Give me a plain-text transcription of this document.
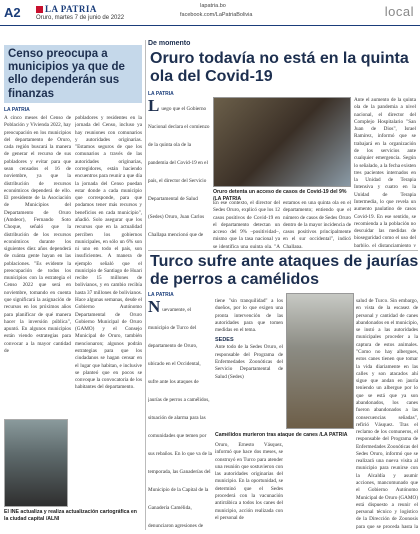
A2	LA PATRIA
Oruro, martes 7 de junio de 2022
lapatria.bo
facebook.com/LaPatriaBolivia	local
Censo preocupa a municipios ya que de ello dependerán sus finanzas
LA PATRIA

A cinco meses del Censo de Población y Vivienda 2022, hay preocupación en los municipios del departamento de Oruro, cada región buscará la manera de generar el recurso de sus pobladores y evitar para que sean censados el 16 de noviembre, ya que la distribución de recursos económicos dependerá de ello. El presidente de la Asociación de Municipios del Departamento de Oruro (Amdeor), Fernando Soto Choque, señaló que la distribución de los recursos económicos durante los siguientes diez años dependerá de cuánta gente hayan en las poblaciones. "Es evidente la preocupación de todos los municipios con la estrategia el Censo 2022 que será en noviembre, tomando en cuenta que significará la asignación de recursos en los próximos años para planificar de qué manera hacer la inversión pública", apuntó. En algunos municipios están viendo estrategias para convocar a la mayor cantidad de

pobladores y residentes en la jornada del Censo, incluso ya hay reuniones con comunarios y autoridades originarias. "Estamos seguros de que los comunarios a través de las autoridades originarias, corregidores, están haciendo encuentros para reunir a que día la jornada del Censo puedan estar donde a cada municipio que corresponde, para que podamos tener más recursos y beneficios en cada municipio", añadió. Solo asegurar que los recursos que en la actualidad perciben los gobiernos municipales, en sólo un 6% son ni uno en todo el país, son insuficientes. A manera de ejemplo señaló que el municipio de Santiago de Huari recibe 15 millones de bolivianos, y en cambio recibía hasta 37 millones de bolivianos. Hace algunas semanas, desde el Gobierno Autónomo Departamental de Oruro Gobierno Municipal de Oruro (GAMO) y el Consejo Municipal de Oruro, también mencionaron; algunos podrán estrategias para que los ciudadanos se hagan censar en el lugar que habitan, e inclusive se planteó que en pocos se convoque la convocatoria de los habitantes del departamento.

El INE actualiza y realiza actualización cartográfica en la ciudad capital /ALNI
De momento
Oruro todavía no está en la quinta ola del Covid-19
LA PATRIA
Luego que el Gobierno Nacional declara el comienzo de la quinta ola de la pandemia del Covid-19 en el país, el director del Servicio Departamental de Salud (Sedes) Oruro, Juan Carlos Challapa mencionó que de

Oruro detenta un acceso de casos de Covid-19 del 9% /LA PATRIA

En ese contexto, el director del Sedes Oruro, explicó que los 12 casos positivos de Covid-19 en el departamento detectan un acceso del 9% –positividad–, mismo que la tasa nacional ya se identifica una quinta ola. "A

estamos en una quinta ola en el departamento; entiendo que el número de casos de Sedes Oruro dentro de la mayor incidencia de casos positivos principalmente en el sur occidental", indicó Challapa.

Ante el aumento de la quinta ola de la pandemia a nivel nacional, el director del Complejo Hospitalario "San Juan de Dios", Israel Ramírez, informó que se trabajará en la organización de los servicios ante cualquier emergencia. Según lo señalado, a la fecha existen tres pacientes internados en la Unidad de Terapia Intensiva y cuatro en la Unidad de Terapia Intermedia, lo que revela un aumento paulatino de casos Covid-19. En ese sentido, se recomienda a la población no descuidar las medidas de bioseguridad como el uso del barbijo, el distanciamiento y

Turco sufre ante ataques de jaurías de perros a camélidos
LA PATRIA
Nuevamente, el municipio de Turco del departamento de Oruro, ubicado en el Occidental, sufre ante los ataques de jaurías de perros a camélidos, situación de alarma para las comunidades que temen por sus rebaños. En lo que va de la temporada, las Ganaderías del Municipio de la Capital de la Ganadería Camélida, denunciaron agresiones de

tiene "sin tranquilidad" a los dueños, por lo que exigen una pronta intervención de las autoridades para que tomen medidas en el tema.

SEDES

Ante todo de la Sedes Oruro, el responsable del Programa de Enfermedades Zoonóticas del Servicio Departamental de Salud (Sedes)

Camélidos murieron tras ataque de canes /LA PATRIA

Oruro, Ernesto Vásquez, informó que hace dos meses, se construyó en Turco para atender una reunión que sostuvieron con las autoridades originarias del municipio. En la oportunidad, se determinó que el Sedes procederá con la vacunación antirrábica a todos los canes del municipio, acción realizada con el personal de

salud de Turco. Sin embargo, en vista de la escasez de personal y cantidad de canes abandonados en el municipio, se instó a las autoridades municipales proceder a la captura de estos animales. "Como no hay albergues, estos canes tienen que tomar la vida diariamente en las calles y son atacados ahí sigue que andan en jauría teniendo un albergue por lo que se está que ya son abandonados, los canes fueron abandonados a las consecuencias señadas", refirió Vásquez. Tras el reclamo de los comuneros, el responsable del Programa de Enfermedades Zoonóticas del Sedes Oruro, informó que se realizará una nueva visita al municipio para reunirse con la Alcaldía y asumir acciones, mancomunado que el Gobierno Autónomo Municipal de Oruro (GAMO) está dispuesto a reunir el personal técnico y logístico de la Dirección de Zoonosis para que se proceda hasta la
